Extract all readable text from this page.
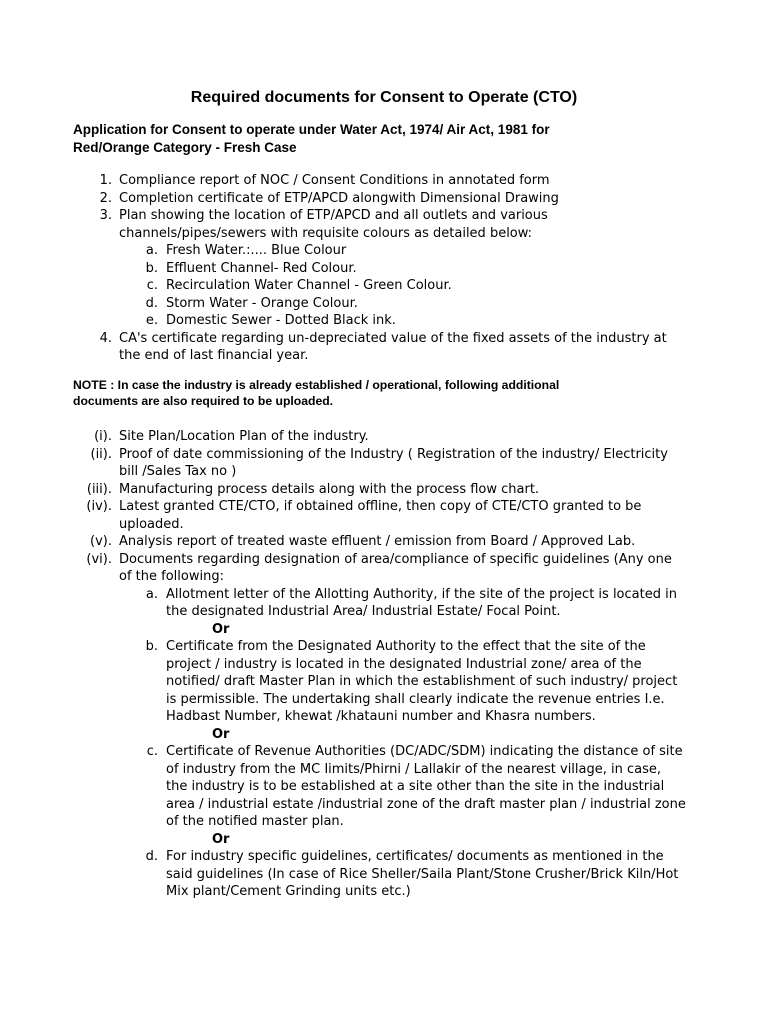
Required documents for Consent to Operate (CTO)
Application for Consent to operate under Water Act, 1974/ Air Act, 1981 for
Red/Orange Category - Fresh Case
1. Compliance report of NOC / Consent Conditions in annotated form
2. Completion certificate of ETP/APCD alongwith Dimensional Drawing
3. Plan showing the location of ETP/APCD and all outlets and various
channels/pipes/sewers with requisite colours as detailed below:
a. Fresh Water.:.... Blue Colour
b. Effluent Channel- Red Colour.
c. Recirculation Water Channel - Green Colour.
d. Storm Water - Orange Colour.
e. Domestic Sewer - Dotted Black ink.
4. CA's certificate regarding un-depreciated value of the fixed assets of the industry at
the end of last financial year.
NOTE : In case the industry is already established / operational, following additional
documents are also required to be uploaded.
(i). Site Plan/Location Plan of the industry.
(ii). Proof of date commissioning of the Industry ( Registration of the industry/ Electricity
bill /Sales Tax no )
(iii). Manufacturing process details along with the process flow chart.
(iv). Latest granted CTE/CTO, if obtained offline, then copy of CTE/CTO granted to be
uploaded.
(v). Analysis report of treated waste effluent / emission from Board / Approved Lab.
(vi). Documents regarding designation of area/compliance of specific guidelines (Any one
of the following:
a. Allotment letter of the Allotting Authority, if the site of the project is located in
the designated Industrial Area/ Industrial Estate/ Focal Point.
Or
b. Certificate from the Designated Authority to the effect that the site of the
project / industry is located in the designated Industrial zone/ area of the
notified/ draft Master Plan in which the establishment of such industry/ project
is permissible. The undertaking shall clearly indicate the revenue entries I.e.
Hadbast Number, khewat /khatauni number and Khasra numbers.
Or
c. Certificate of Revenue Authorities (DC/ADC/SDM) indicating the distance of site
of industry from the MC Iimits/Phirni / Lallakir of the nearest village, in case,
the industry is to be established at a site other than the site in the industrial
area / industrial estate /industrial zone of the draft master plan / industrial zone
of the notified master plan.
Or
d. For industry specific guidelines, certificates/ documents as mentioned in the
said guidelines (In case of Rice Sheller/Saila Plant/Stone Crusher/Brick Kiln/Hot
Mix plant/Cement Grinding units etc.)
